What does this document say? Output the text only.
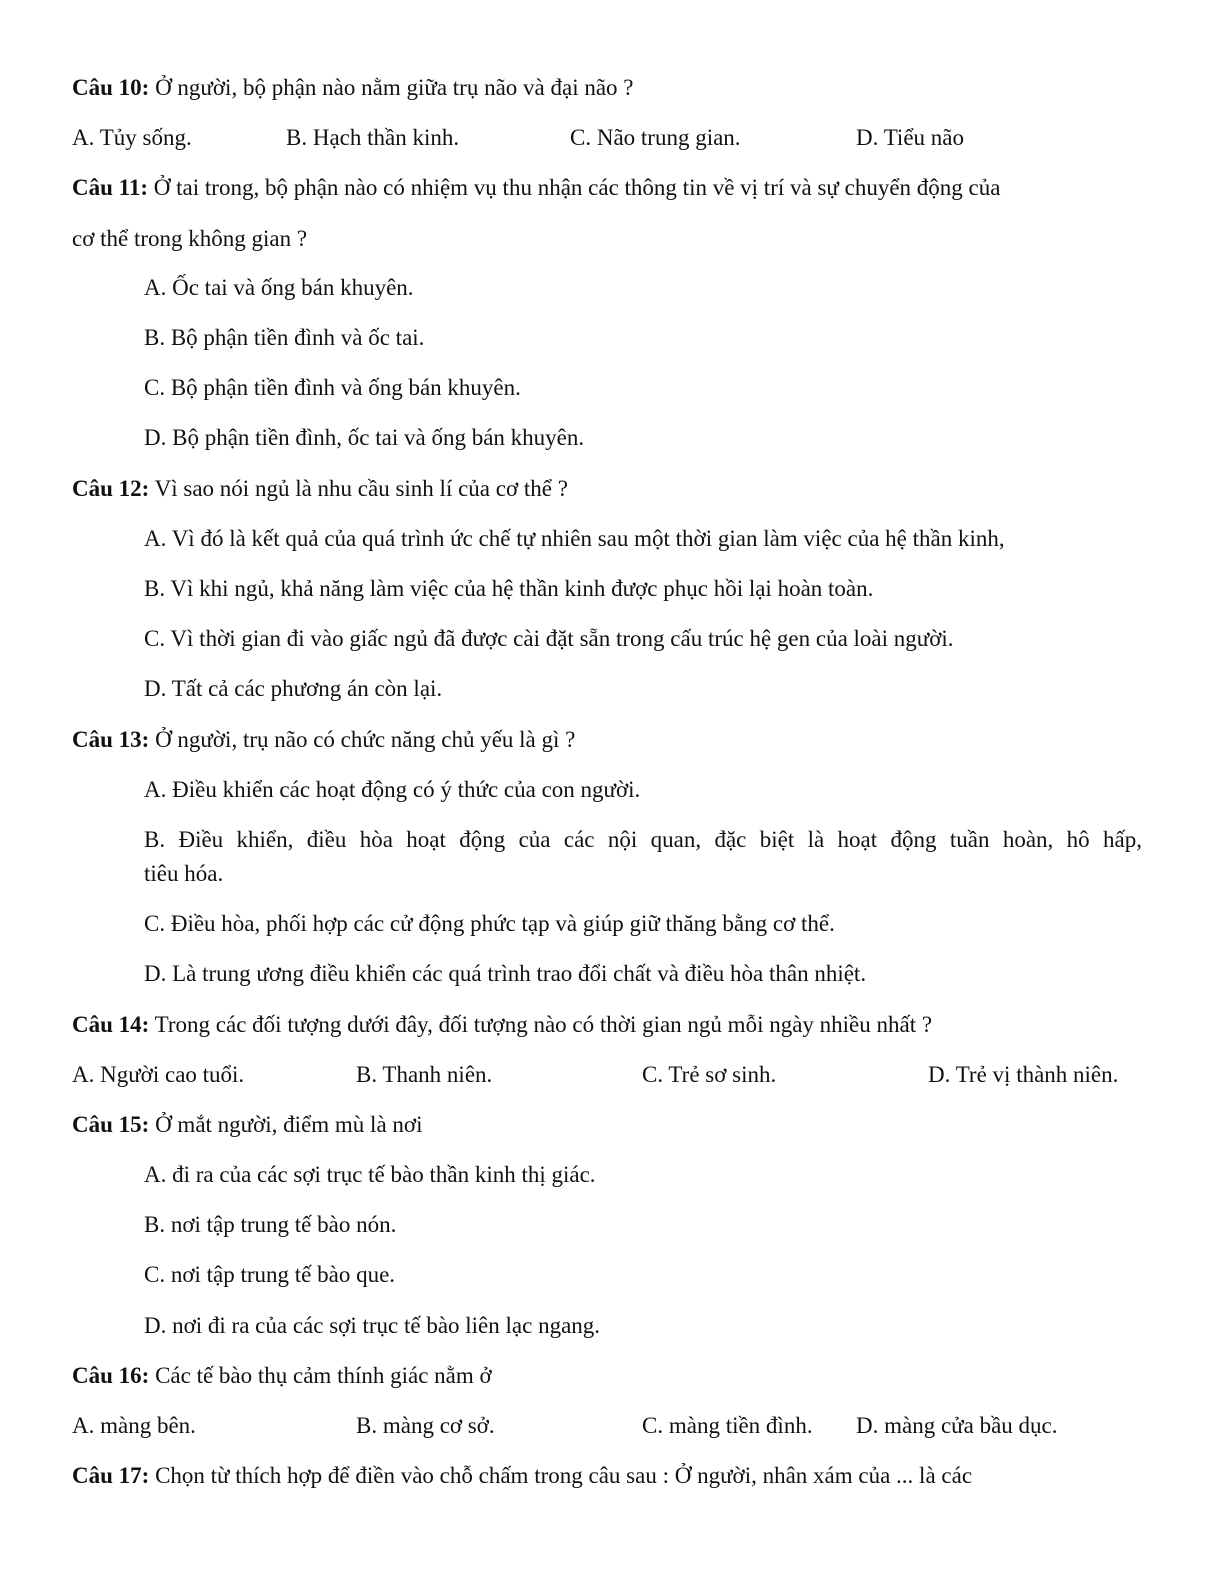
Câu 10: Ở người, bộ phận nào nằm giữa trụ não và đại não ?
A. Tủy sống.	B. Hạch thần kinh.	C. Não trung gian.	D. Tiểu não
Câu 11: Ở tai trong, bộ phận nào có nhiệm vụ thu nhận các thông tin về vị trí và sự chuyển động của
cơ thể trong không gian ?
A. Ốc tai và ống bán khuyên.
B. Bộ phận tiền đình và ốc tai.
C. Bộ phận tiền đình và ống bán khuyên.
D. Bộ phận tiền đình, ốc tai và ống bán khuyên.
Câu 12: Vì sao nói ngủ là nhu cầu sinh lí của cơ thể ?
A. Vì đó là kết quả của quá trình ức chế tự nhiên sau một thời gian làm việc của hệ thần kinh,
B. Vì khi ngủ, khả năng làm việc của hệ thần kinh được phục hồi lại hoàn toàn.
C. Vì thời gian đi vào giấc ngủ đã được cài đặt sẵn trong cấu trúc hệ gen của loài người.
D. Tất cả các phương án còn lại.
Câu 13: Ở người, trụ não có chức năng chủ yếu là gì ?
A. Điều khiển các hoạt động có ý thức của con người.
B. Điều khiển, điều hòa hoạt động của các nội quan, đặc biệt là hoạt động tuần hoàn, hô hấp,
tiêu hóa.
C. Điều hòa, phối hợp các cử động phức tạp và giúp giữ thăng bằng cơ thể.
D. Là trung ương điều khiển các quá trình trao đổi chất và điều hòa thân nhiệt.
Câu 14: Trong các đối tượng dưới đây, đối tượng nào có thời gian ngủ mỗi ngày nhiều nhất ?
A. Người cao tuổi.	B. Thanh niên.	C. Trẻ sơ sinh.	D. Trẻ vị thành niên.
Câu 15: Ở mắt người, điểm mù là nơi
A. đi ra của các sợi trục tế bào thần kinh thị giác.
B. nơi tập trung tế bào nón.
C. nơi tập trung tế bào que.
D. nơi đi ra của các sợi trục tế bào liên lạc ngang.
Câu 16: Các tế bào thụ cảm thính giác nằm ở
A. màng bên.	B. màng cơ sở.	C. màng tiền đình. D. màng cửa bầu dục.
Câu 17: Chọn từ thích hợp để điền vào chỗ chấm trong câu sau : Ở người, nhân xám của ... là các
